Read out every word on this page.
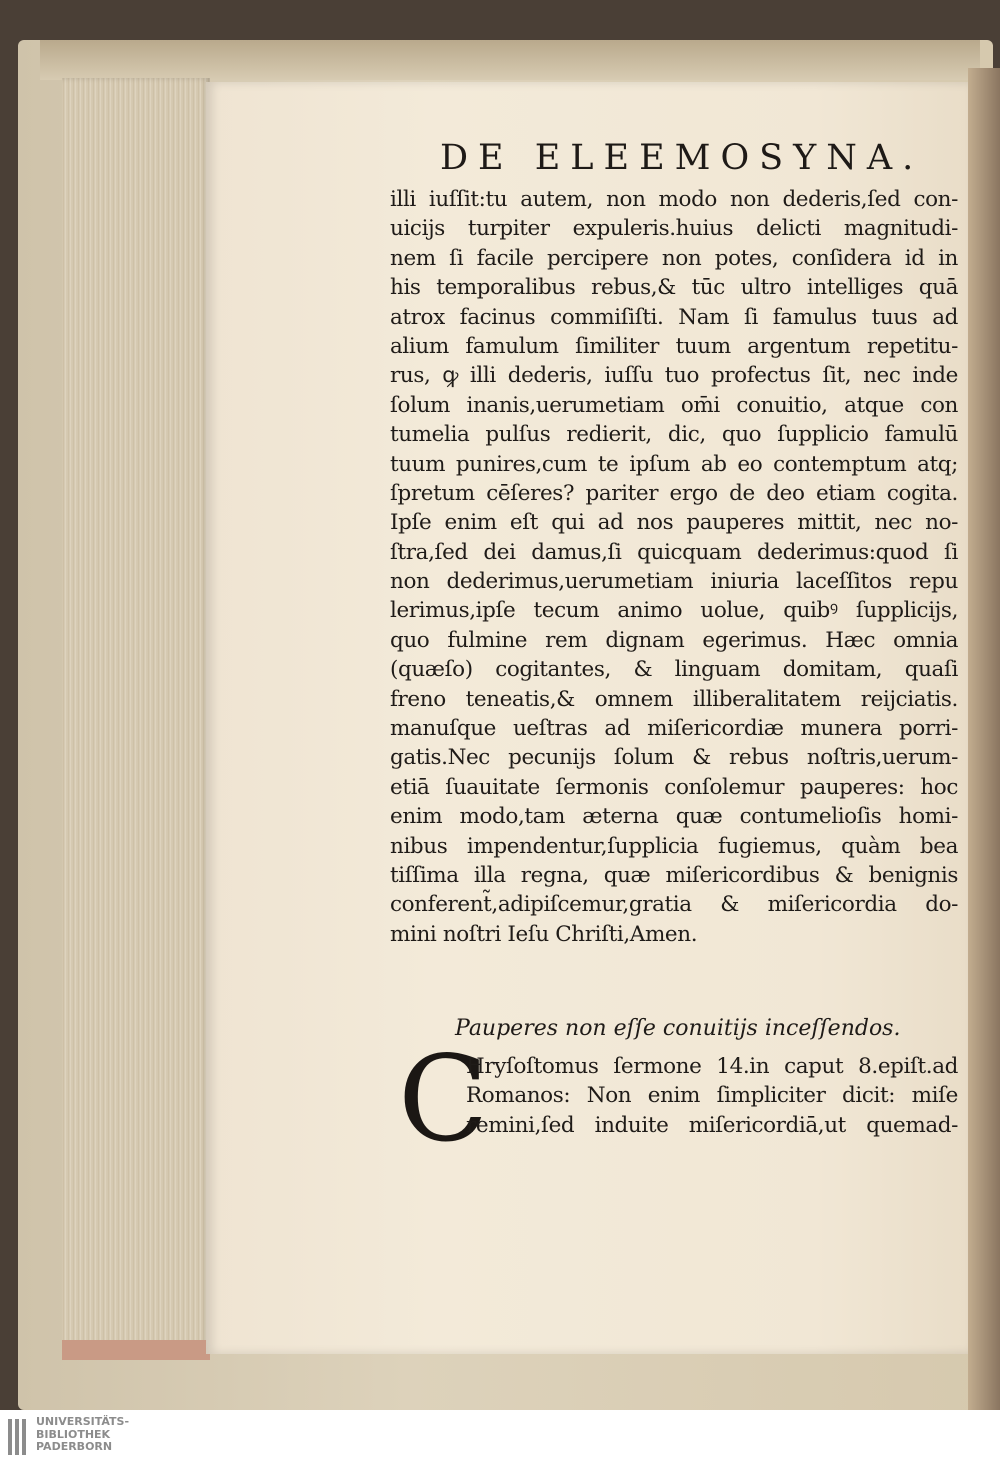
DE ELEEMOSYNA.
illi iuſſit:tu autem, non modo non dederis,ſed con-
uicijs turpiter expuleris.huius delicti magnitudi-
nem ſi facile percipere non potes, conſidera id in
his temporalibus rebus,& tūc ultro intelliges quā
atrox facinus commiſiſti. Nam ſi famulus tuus ad
alium famulum ſimiliter tuum argentum repetitu-
rus, ꝙ illi dederis, iuſſu tuo profectus ſit, nec inde
ſolum inanis,uerumetiam om̄i conuitio, atque con
tumelia pulſus redierit, dic, quo ſupplicio famulū
tuum punires,cum te ipſum ab eo contemptum atq;
ſpretum cēſeres? pariter ergo de deo etiam cogita.
Ipſe enim eſt qui ad nos pauperes mittit, nec no-
ſtra,ſed dei damus,ſi quicquam dederimus:quod ſi
non dederimus,uerumetiam iniuria laceſſitos repu
lerimus,ipſe tecum animo uolue, quibꝰ ſupplicijs,
quo fulmine rem dignam egerimus. Hæc omnia
(quæſo) cogitantes, & linguam domitam, quaſi
freno teneatis,& omnem illiberalitatem reijciatis.
manuſque ueſtras ad miſericordiæ munera porri-
gatis.Nec pecunijs ſolum & rebus noſtris,uerum-
etiā ſuauitate ſermonis conſolemur pauperes: hoc
enim modo,tam æterna quæ contumelioſis homi-
nibus impendentur,ſupplicia fugiemus, quàm bea
tiſſima illa regna, quæ miſericordibus & benignis
conferent̃,adipiſcemur,gratia & miſericordia do-
mini noſtri Ieſu Chriſti,Amen.
Pauperes non eſſe conuitijs inceſſendos.
C
Hryſoſtomus ſermone 14.in caput 8.epiſt.ad
Romanos: Non enim ſimpliciter dicit: miſe
remini,ſed induite miſericordiā,ut quemad-
UNIVERSITÄTS-
BIBLIOTHEK
PADERBORN
